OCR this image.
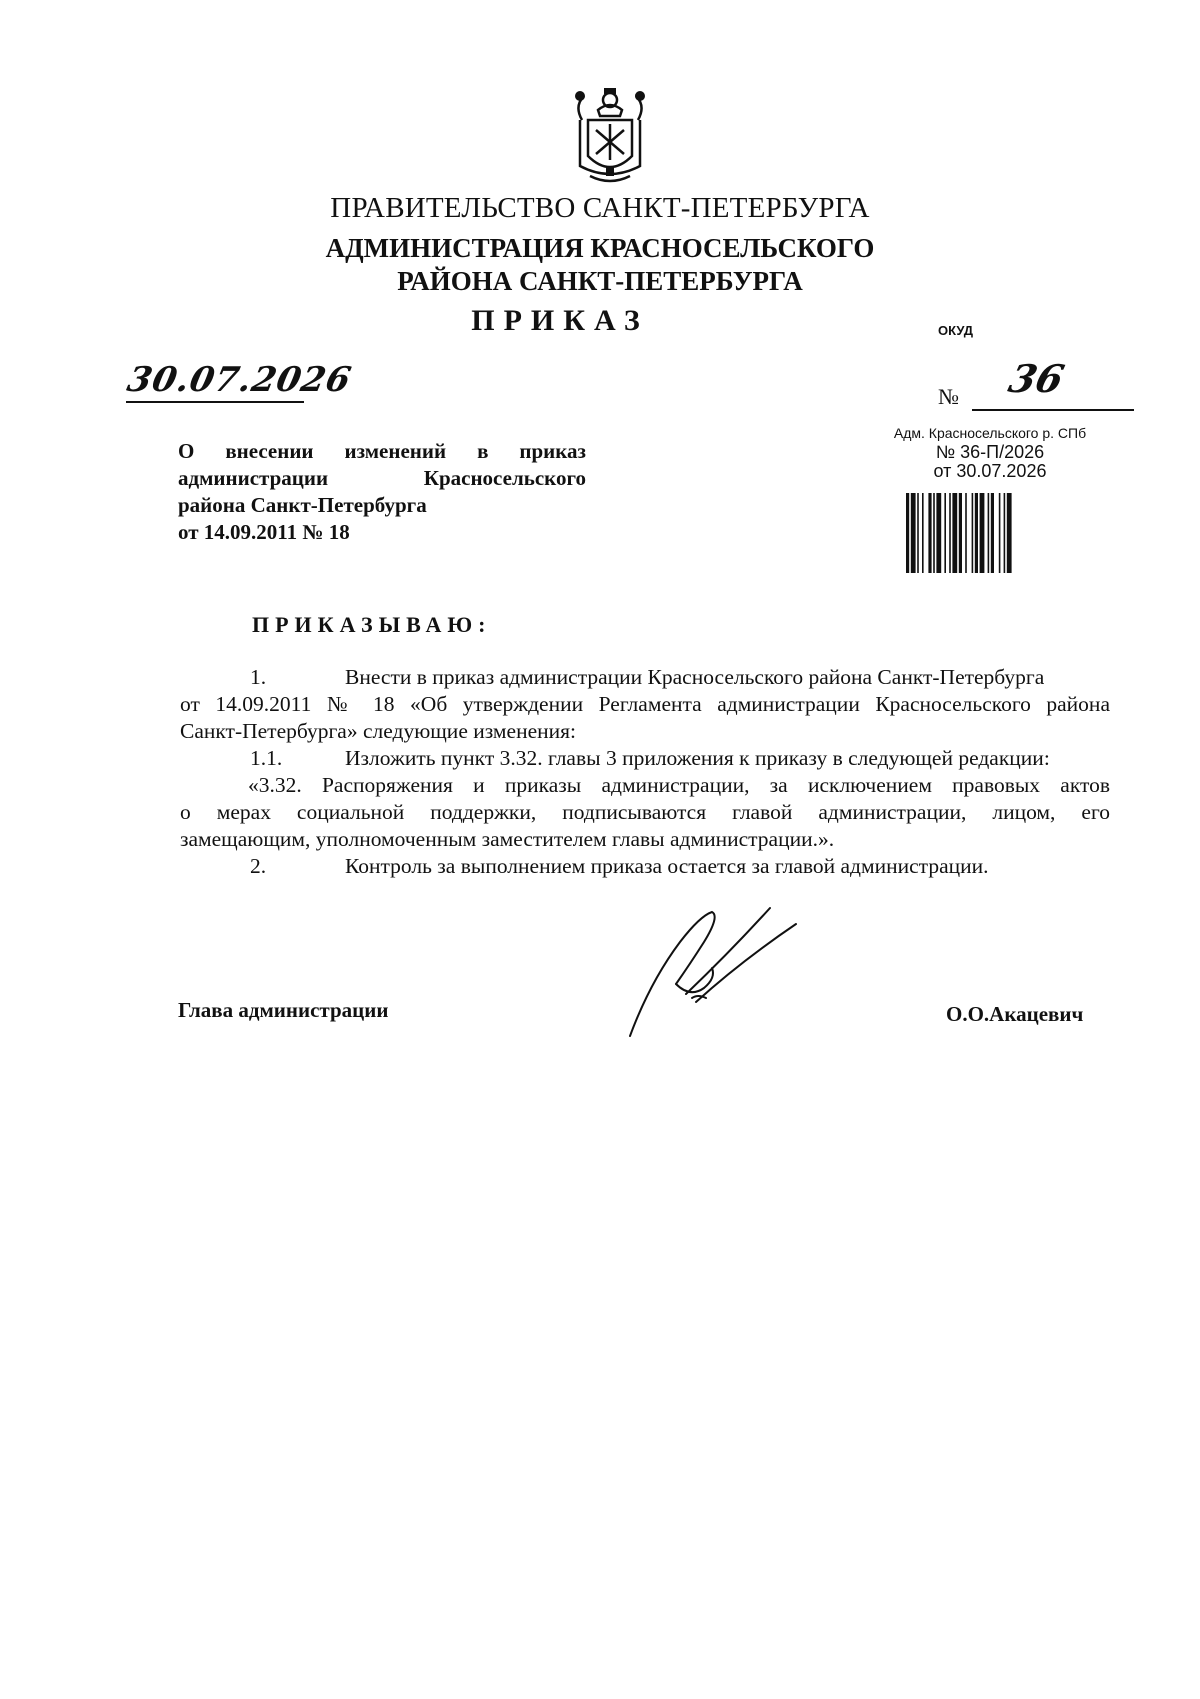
ПРАВИТЕЛЬСТВО САНКТ-ПЕТЕРБУРГА
АДМИНИСТРАЦИЯ КРАСНОСЕЛЬСКОГО
РАЙОНА САНКТ-ПЕТЕРБУРГА
ПРИКАЗ	ОКУД
30.07.2026	№ 36
Адм. Красносельского р. СПб
№ 36-П/2026
от 30.07.2026
О внесении изменений в приказ
администрации Красносельского
района Санкт-Петербурга
от 14.09.2011 № 18
ПРИКАЗЫВАЮ:
1.	Внести в приказ администрации Красносельского района Санкт-Петербурга
от 14.09.2011 № 18 «Об утверждении Регламента администрации Красносельского района
Санкт-Петербурга» следующие изменения:
1.1.	Изложить пункт 3.32. главы 3 приложения к приказу в следующей редакции:
«3.32. Распоряжения и приказы администрации, за исключением правовых актов
о мерах социальной поддержки, подписываются главой администрации, лицом, его
замещающим, уполномоченным заместителем главы администрации.».
2.	Контроль за выполнением приказа остается за главой администрации.
Глава администрации	О.О.Акацевич
